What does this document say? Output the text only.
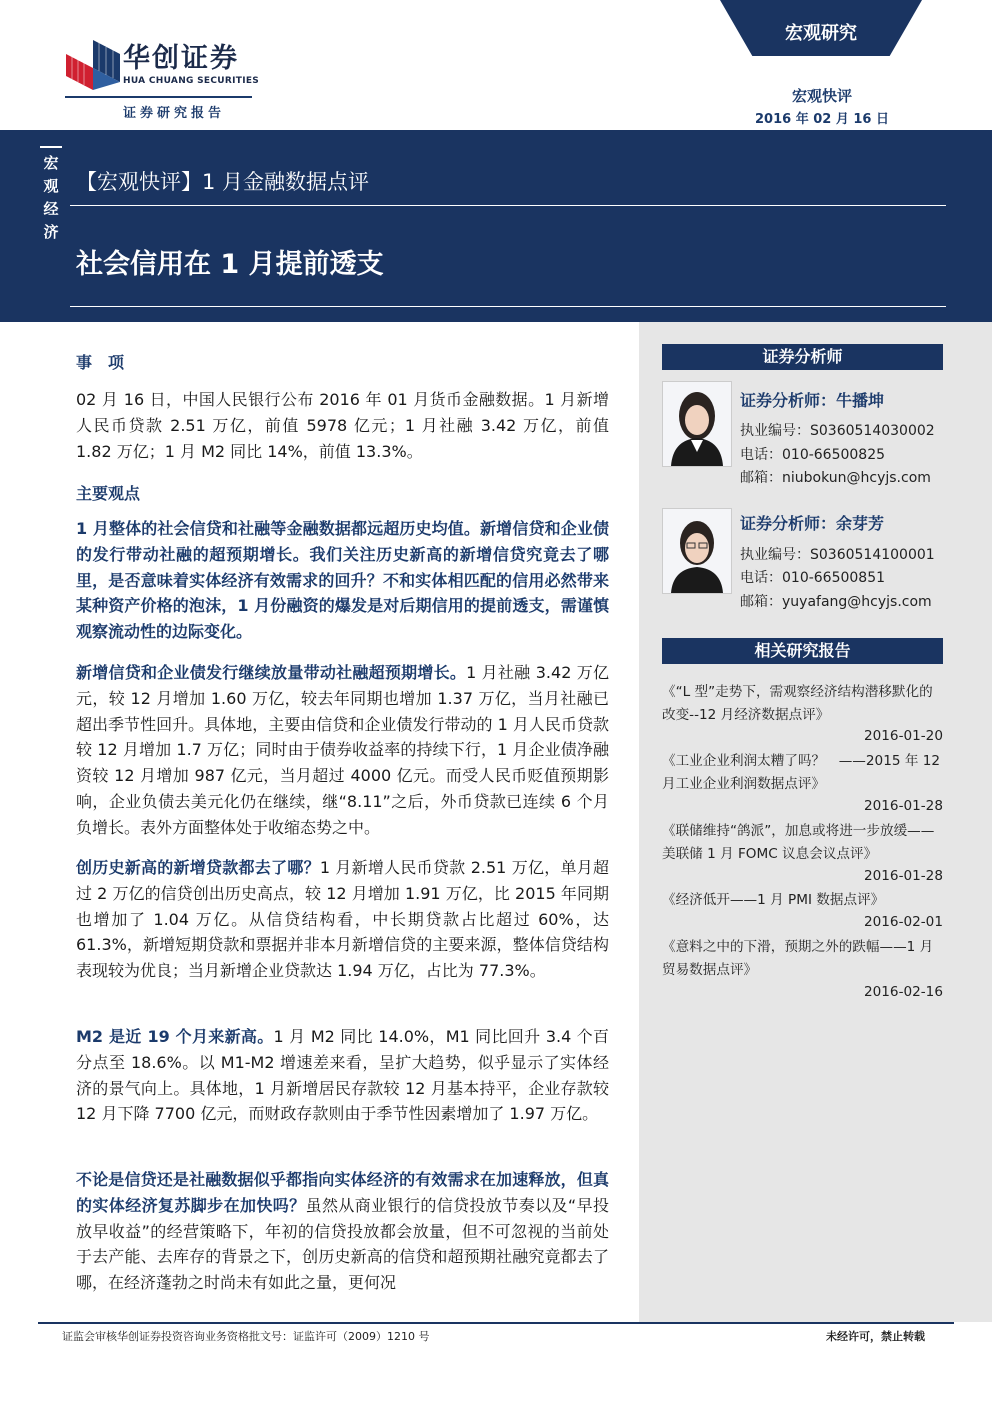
华创证券
HUA CHUANG SECURITIES
证券研究报告
宏观研究
宏观快评
2016 年 02 月 16 日
宏观经济
【宏观快评】1 月金融数据点评
社会信用在 1 月提前透支
证券分析师
证券分析师：牛播坤
执业编号：S0360514030002
电话：010-66500825
邮箱：niubokun@hcyjs.com
证券分析师：余芽芳
执业编号：S0360514100001
电话：010-66500851
邮箱：yuyafang@hcyjs.com
相关研究报告
《“L 型”走势下，需观察经济结构潜移默化的改变--12 月经济数据点评》
2016-01-20
《工业企业利润太糟了吗？　——2015 年 12 月工业企业利润数据点评》
2016-01-28
《联储维持“鸽派”，加息或将进一步放缓——美联储 1 月 FOMC 议息会议点评》
2016-01-28
《经济低开——1 月 PMI 数据点评》
2016-02-01
《意料之中的下滑，预期之外的跌幅——1 月贸易数据点评》
2016-02-16
事　项
02 月 16 日，中国人民银行公布 2016 年 01 月货币金融数据。1 月新增人民币贷款 2.51 万亿，前值 5978 亿元；1 月社融 3.42 万亿，前值 1.82 万亿；1 月 M2 同比 14%，前值 13.3%。
主要观点
1 月整体的社会信贷和社融等金融数据都远超历史均值。新增信贷和企业债的发行带动社融的超预期增长。我们关注历史新高的新增信贷究竟去了哪里，是否意味着实体经济有效需求的回升？不和实体相匹配的信用必然带来某种资产价格的泡沫，1 月份融资的爆发是对后期信用的提前透支，需谨慎观察流动性的边际变化。
新增信贷和企业债发行继续放量带动社融超预期增长。1 月社融 3.42 万亿元，较 12 月增加 1.60 万亿，较去年同期也增加 1.37 万亿，当月社融已超出季节性回升。具体地，主要由信贷和企业债发行带动的 1 月人民币贷款较 12 月增加 1.7 万亿；同时由于债券收益率的持续下行，1 月企业债净融资较 12 月增加 987 亿元，当月超过 4000 亿元。而受人民币贬值预期影响，企业负债去美元化仍在继续，继“8.11”之后，外币贷款已连续 6 个月负增长。表外方面整体处于收缩态势之中。
创历史新高的新增贷款都去了哪？1 月新增人民币贷款 2.51 万亿，单月超过 2 万亿的信贷创出历史高点，较 12 月增加 1.91 万亿，比 2015 年同期也增加了 1.04 万亿。从信贷结构看，中长期贷款占比超过 60%，达 61.3%，新增短期贷款和票据并非本月新增信贷的主要来源，整体信贷结构表现较为优良；当月新增企业贷款达 1.94 万亿，占比为 77.3%。
M2 是近 19 个月来新高。1 月 M2 同比 14.0%，M1 同比回升 3.4 个百分点至 18.6%。以 M1-M2 增速差来看，呈扩大趋势，似乎显示了实体经济的景气向上。具体地，1 月新增居民存款较 12 月基本持平，企业存款较 12 月下降 7700 亿元，而财政存款则由于季节性因素增加了 1.97 万亿。
不论是信贷还是社融数据似乎都指向实体经济的有效需求在加速释放，但真的实体经济复苏脚步在加快吗？虽然从商业银行的信贷投放节奏以及“早投放早收益”的经营策略下，年初的信贷投放都会放量，但不可忽视的当前处于去产能、去库存的背景之下，创历史新高的信贷和超预期社融究竟都去了哪，在经济蓬勃之时尚未有如此之量，更何况
证监会审核华创证券投资咨询业务资格批文号：证监许可（2009）1210 号	未经许可，禁止转载
